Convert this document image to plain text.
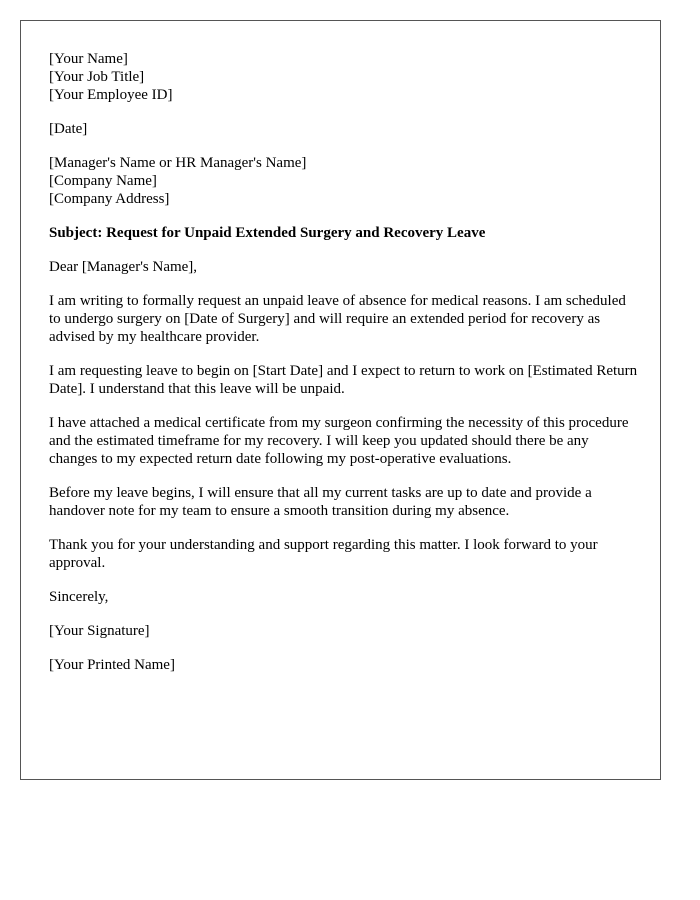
[Your Name]
[Your Job Title]
[Your Employee ID]
[Date]
[Manager's Name or HR Manager's Name]
[Company Name]
[Company Address]
Subject: Request for Unpaid Extended Surgery and Recovery Leave
Dear [Manager's Name],

I am writing to formally request an unpaid leave of absence for medical reasons. I am scheduled to undergo surgery on [Date of Surgery] and will require an extended period for recovery as advised by my healthcare provider.

I am requesting leave to begin on [Start Date] and I expect to return to work on [Estimated Return Date]. I understand that this leave will be unpaid.

I have attached a medical certificate from my surgeon confirming the necessity of this procedure and the estimated timeframe for my recovery. I will keep you updated should there be any changes to my expected return date following my post-operative evaluations.

Before my leave begins, I will ensure that all my current tasks are up to date and provide a handover note for my team to ensure a smooth transition during my absence.

Thank you for your understanding and support regarding this matter. I look forward to your approval.

Sincerely,
[Your Signature]
[Your Printed Name]
